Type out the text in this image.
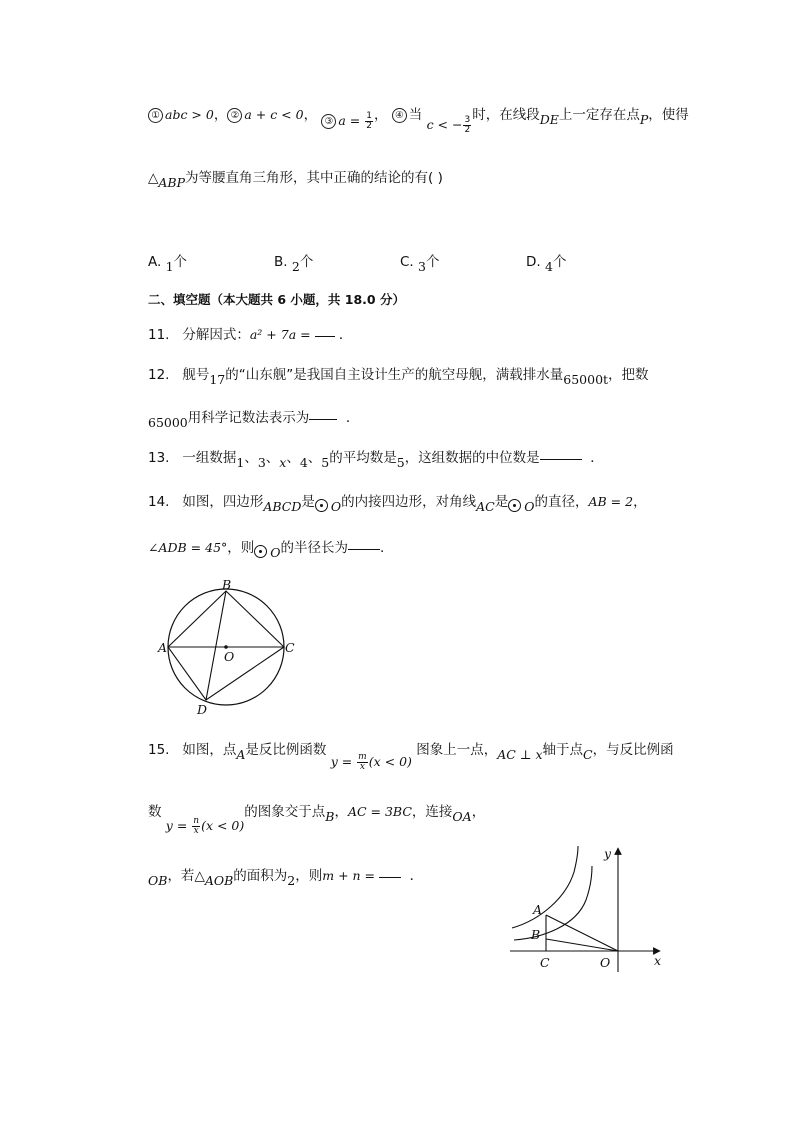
① abc > 0， ② a + c < 0， ③ $a = \frac{1}{2}$ ， ④ 当 c < − $\frac{3}{2}$
时，在线段DE上一定存在点P，使得
△ABP为等腰直角三角形，其中正确的结论的有( )
A. 1个	B. 2个	C. 3个	D. 4个
二、填空题（本大题共 6 小题，共 18.0 分）
11. 分解因式：a² + 7a =  ．
12. 舰号17的“山东舰”是我国自主设计生产的航空母舰，满载排水量65000t，把数
65000用科学记数法表示为	．
13. 一组数据1、3、x、4、5的平均数是5，这组数据的中位数是	．
14. 如图，四边形ABCD是 O的内接四边形，对角线AC是 O的直径，AB = 2，
∠ADB = 45°，则 O的半径长为 .
B
A	C
O
D
15. 如图，点A是反比例函数 $y = \frac{m}{x} (x < 0)$ 图象上一点，AC ⊥ x轴于点C，与反比例函
数 $y = \frac{n}{x} (x < 0)$的图象交于点B，AC = 3BC，连接OA，
OB，若△AOB的面积为2，则m + n =   ．
y
x
A
B
C	O
